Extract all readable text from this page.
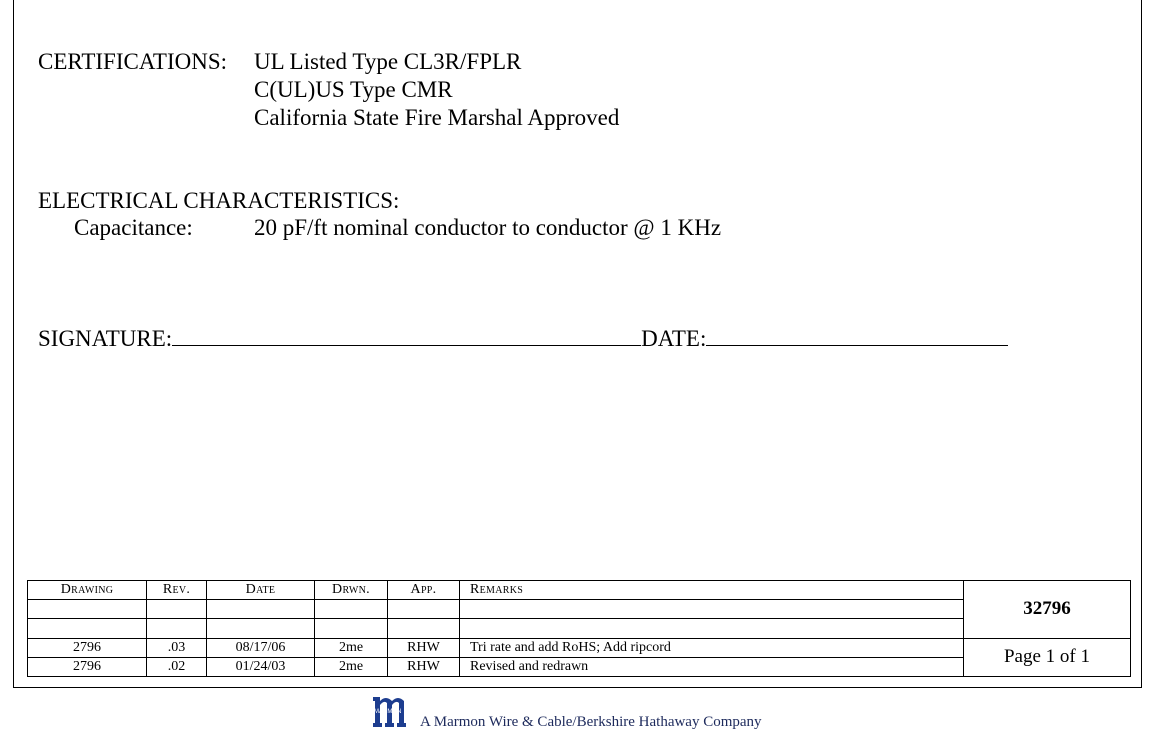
CERTIFICATIONS: UL Listed Type CL3R/FPLR
C(UL)US Type CMR
California State Fire Marshal Approved
ELECTRICAL CHARACTERISTICS:
Capacitance:	20 pF/ft nominal conductor to conductor @ 1 KHz
SIGNATURE:	DATE:
Drawing	Rev.	Date	Drwn.	App.	Remarks	32796

2796	.03	08/17/06	2me	RHW	Tri rate and add RoHS; Add ripcord	Page 1 of 1
2796	.02	01/24/03	2me	RHW	Revised and redrawn	
MARMON
A Marmon Wire & Cable/Berkshire Hathaway Company
